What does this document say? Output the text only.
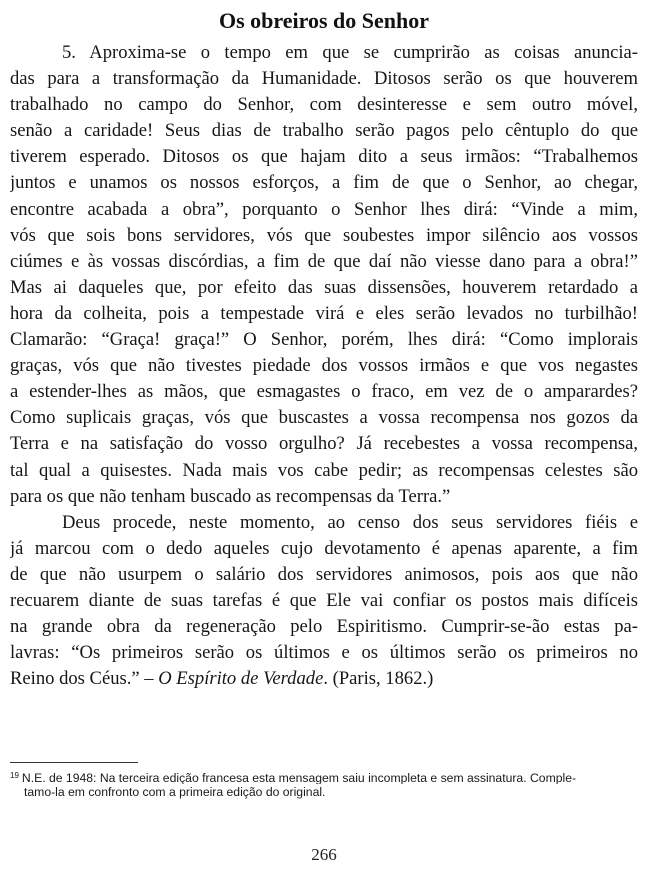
Os obreiros do Senhor
5. Aproxima-se o tempo em que se cumprirão as coisas anuncia-
das para a transformação da Humanidade. Ditosos serão os que houverem
trabalhado no campo do Senhor, com desinteresse e sem outro móvel,
senão a caridade! Seus dias de trabalho serão pagos pelo cêntuplo do que
tiverem esperado. Ditosos os que hajam dito a seus irmãos: “Trabalhemos
juntos e unamos os nossos esforços, a fim de que o Senhor, ao chegar,
encontre acabada a obra”, porquanto o Senhor lhes dirá: “Vinde a mim,
vós que sois bons servidores, vós que soubestes impor silêncio aos vossos
ciúmes e às vossas discórdias, a fim de que daí não viesse dano para a obra!”
Mas ai daqueles que, por efeito das suas dissensões, houverem retardado a
hora da colheita, pois a tempestade virá e eles serão levados no turbilhão!
Clamarão: “Graça! graça!” O Senhor, porém, lhes dirá: “Como implorais
graças, vós que não tivestes piedade dos vossos irmãos e que vos negastes
a estender-lhes as mãos, que esmagastes o fraco, em vez de o amparardes?
Como suplicais graças, vós que buscastes a vossa recompensa nos gozos da
Terra e na satisfação do vosso orgulho? Já recebestes a vossa recompensa,
tal qual a quisestes. Nada mais vos cabe pedir; as recompensas celestes são
para os que não tenham buscado as recompensas da Terra.”
Deus procede, neste momento, ao censo dos seus servidores fiéis e
já marcou com o dedo aqueles cujo devotamento é apenas aparente, a fim
de que não usurpem o salário dos servidores animosos, pois aos que não
recuarem diante de suas tarefas é que Ele vai confiar os postos mais difíceis
na grande obra da regeneração pelo Espiritismo. Cumprir-se-ão estas pa-
lavras: “Os primeiros serão os últimos e os últimos serão os primeiros no
Reino dos Céus.” – O Espírito de Verdade. (Paris, 1862.)
$^{19}$ N.E. de 1948: Na terceira edição francesa esta mensagem saiu incompleta e sem assinatura. Comple-
tamo-la em confronto com a primeira edição do original.
266
